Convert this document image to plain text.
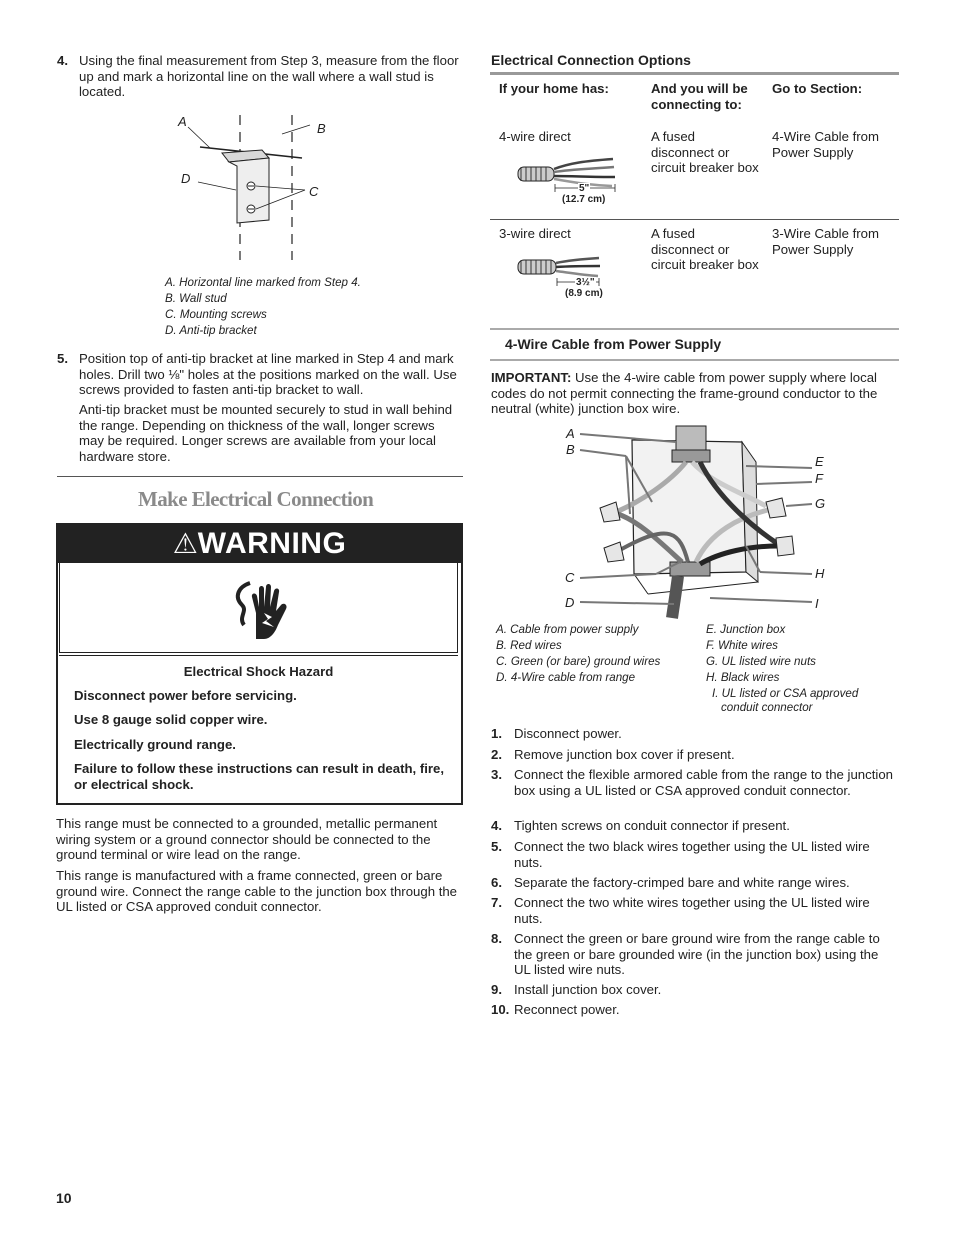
4. Using the final measurement from Step 3, measure from the floor up and mark a horizontal line on the wall where a wall stud is located.
A	B
C
D
A. Horizontal line marked from Step 4.
B. Wall stud
C. Mounting screws
D. Anti-tip bracket
5. Position top of anti-tip bracket at line marked in Step 4 and mark holes. Drill two ⅛" holes at the positions marked on the wall. Use screws provided to fasten anti-tip bracket to wall.
Anti-tip bracket must be mounted securely to stud in wall behind the range. Depending on thickness of the wall, longer screws may be required. Longer screws are available from your local hardware store.
Make Electrical Connection
⚠WARNING
Electrical Shock Hazard
Disconnect power before servicing.
Use 8 gauge solid copper wire.
Electrically ground range.
Failure to follow these instructions can result in death, fire, or electrical shock.
This range must be connected to a grounded, metallic permanent wiring system or a ground connector should be connected to the ground terminal or wire lead on the range.
This range is manufactured with a frame connected, green or bare ground wire. Connect the range cable to the junction box through the UL listed or CSA approved conduit connector.
Electrical Connection Options
If your home has:	And you will be connecting to:
Go to Section:
4-wire direct
5"
(12.7 cm)
A fused disconnect or circuit breaker box
4-Wire Cable from Power Supply
3-wire direct
3½"
(8.9 cm)
A fused disconnect or circuit breaker box
3-Wire Cable from Power Supply
4-Wire Cable from Power Supply
IMPORTANT: Use the 4-wire cable from power supply where local codes do not permit connecting the frame-ground conductor to the neutral (white) junction box wire.
A
B
C
D
E
F
G
H
I
A. Cable from power supply
B. Red wires
C. Green (or bare) ground wires
D. 4-Wire cable from range
E. Junction box
F. White wires
G. UL listed wire nuts
H. Black wires
I. UL listed or CSA approved
conduit connector
1. Disconnect power.
2. Remove junction box cover if present.
3. Connect the flexible armored cable from the range to the junction box using a UL listed or CSA approved conduit connector.
4. Tighten screws on conduit connector if present.
5. Connect the two black wires together using the UL listed wire nuts.
6. Separate the factory-crimped bare and white range wires.
7. Connect the two white wires together using the UL listed wire nuts.
8. Connect the green or bare ground wire from the range cable to the green or bare grounded wire (in the junction box) using the UL listed wire nuts.
9. Install junction box cover.
10. Reconnect power.
10
